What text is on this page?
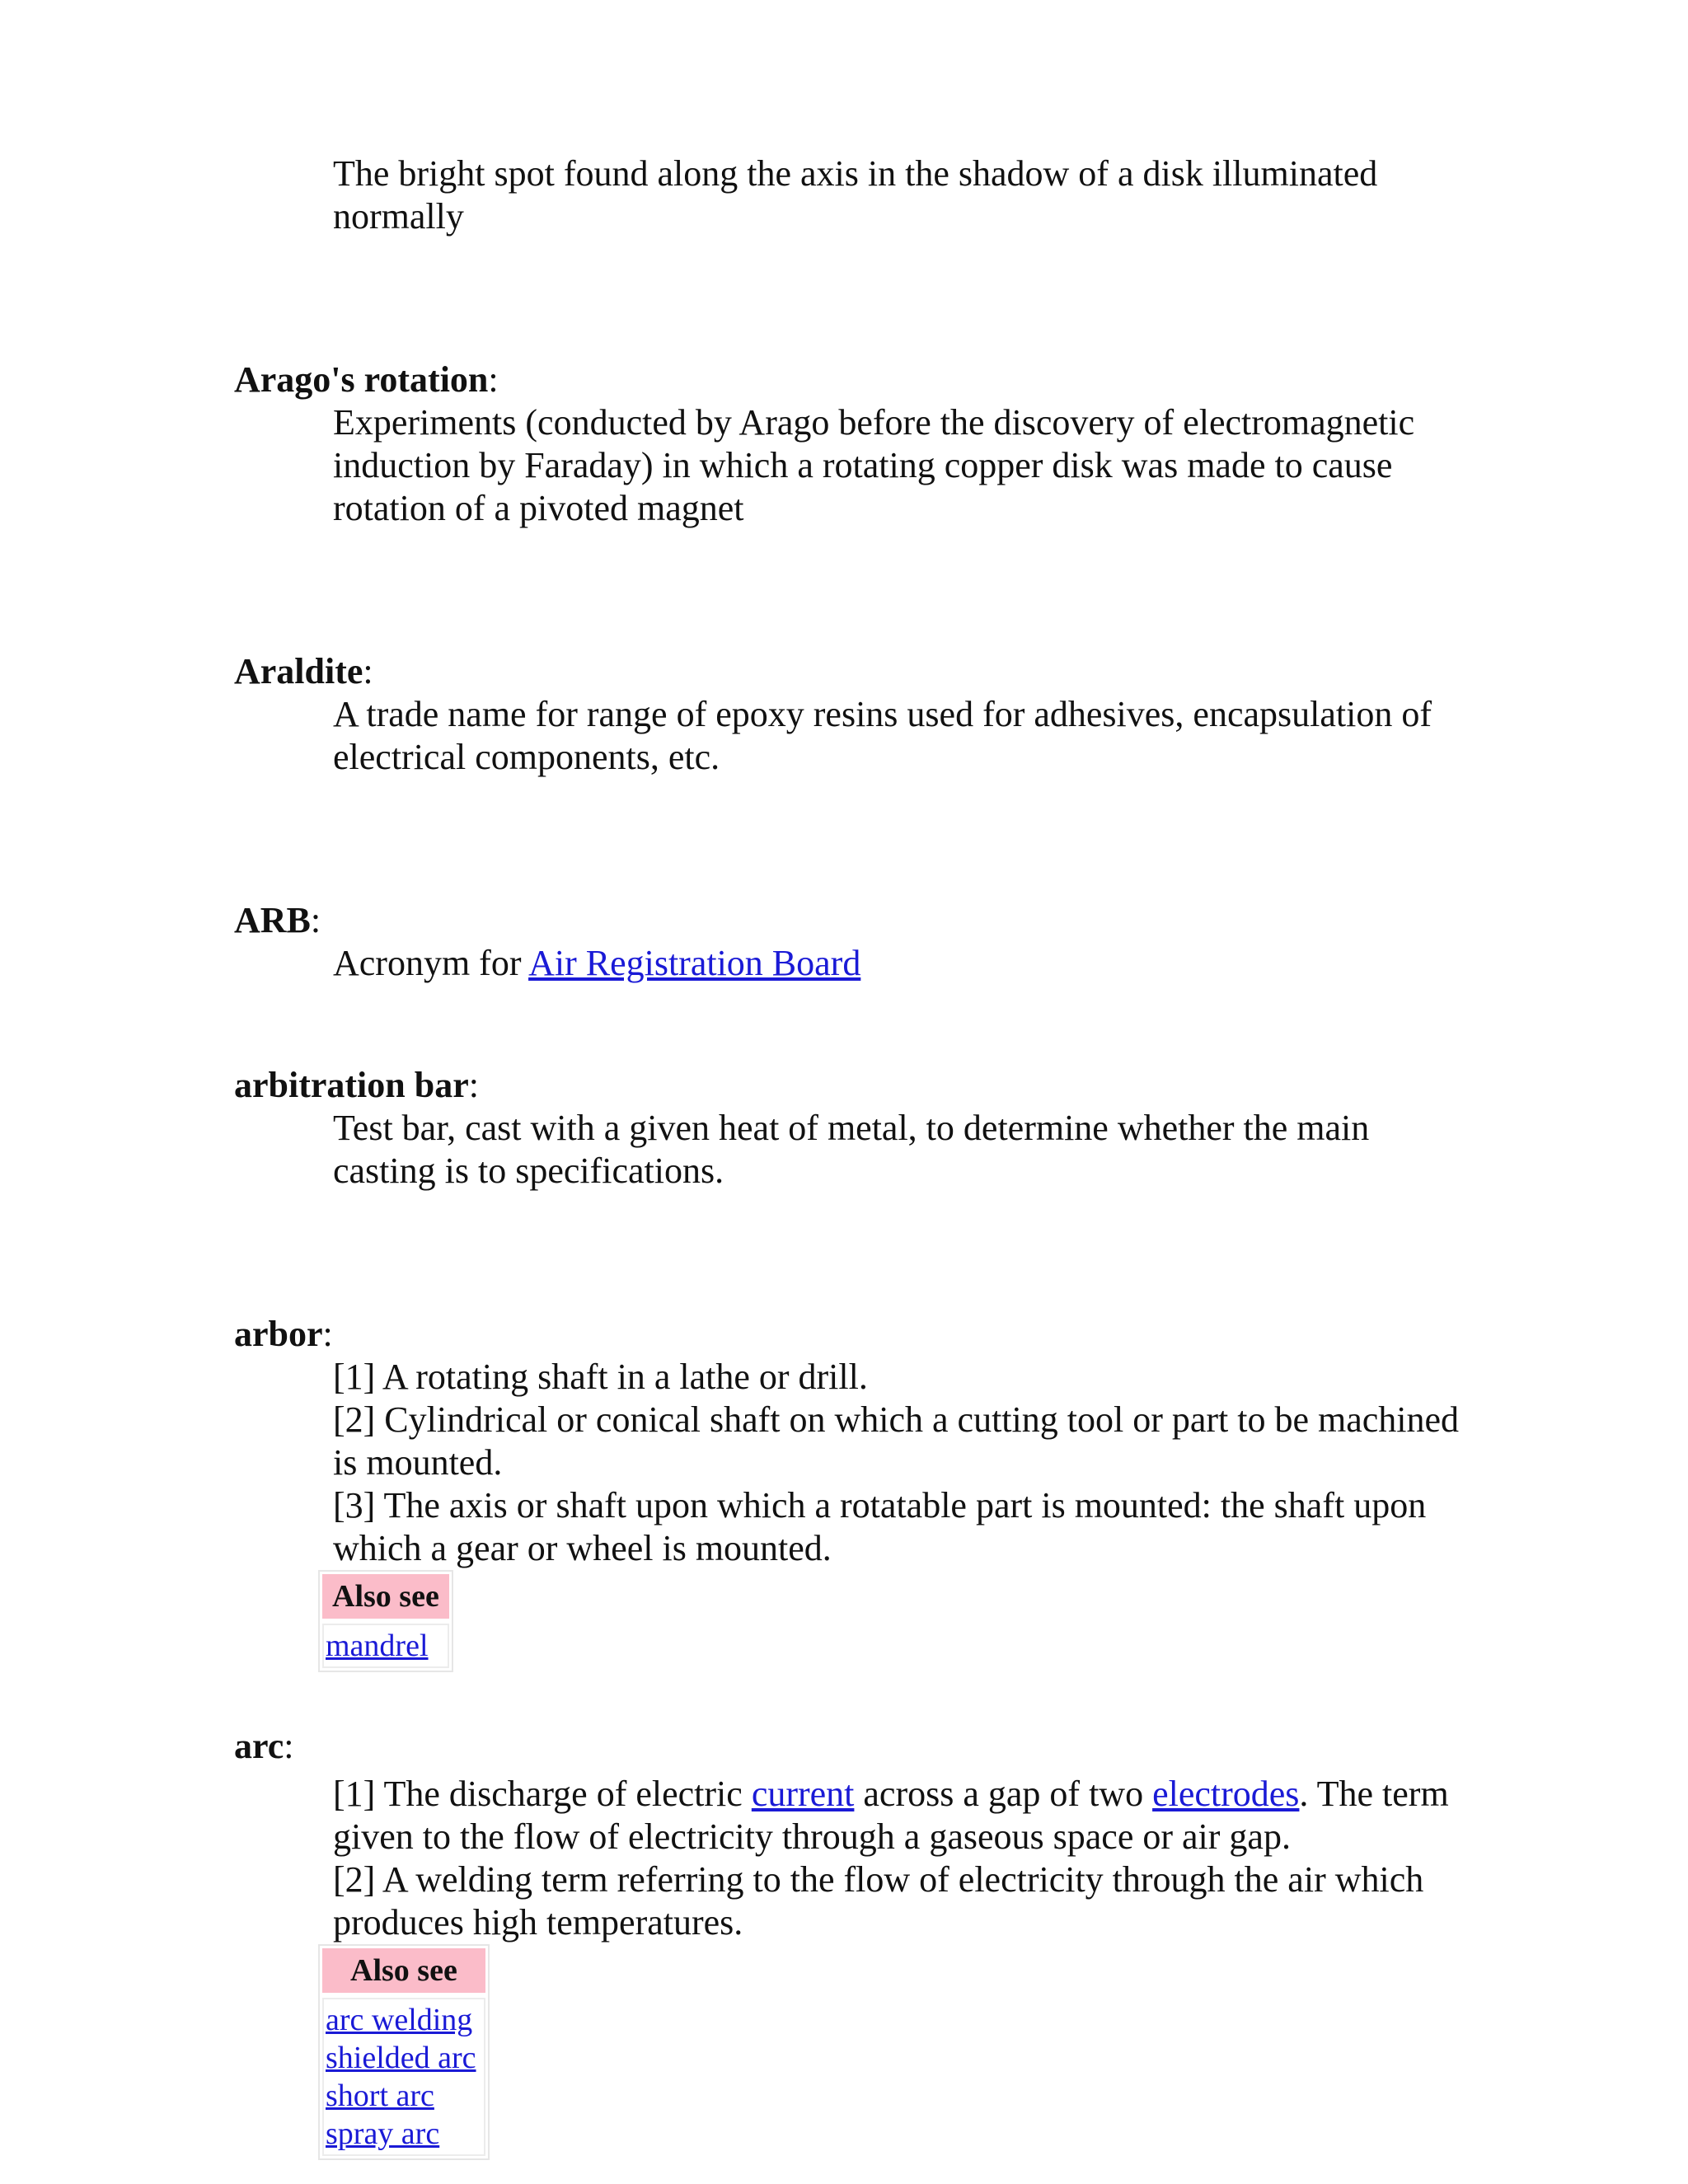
The bright spot found along the axis in the shadow of a disk illuminated normally
Arago's rotation:
Experiments (conducted by Arago before the discovery of electromagnetic induction by Faraday) in which a rotating copper disk was made to cause rotation of a pivoted magnet
Araldite:
A trade name for range of epoxy resins used for adhesives, encapsulation of electrical components, etc.
ARB:
Acronym for Air Registration Board
arbitration bar:
Test bar, cast with a given heat of metal, to determine whether the main casting is to specifications.
arbor:
[1] A rotating shaft in a lathe or drill.
[2] Cylindrical or conical shaft on which a cutting tool or part to be machined is mounted.
[3] The axis or shaft upon which a rotatable part is mounted: the shaft upon which a gear or wheel is mounted.
Also see
mandrel
arc:
[1] The discharge of electric current across a gap of two electrodes. The term given to the flow of electricity through a gaseous space or air gap.
[2] A welding term referring to the flow of electricity through the air which produces high temperatures.
Also see
arc welding
shielded arc
short arc
spray arc
